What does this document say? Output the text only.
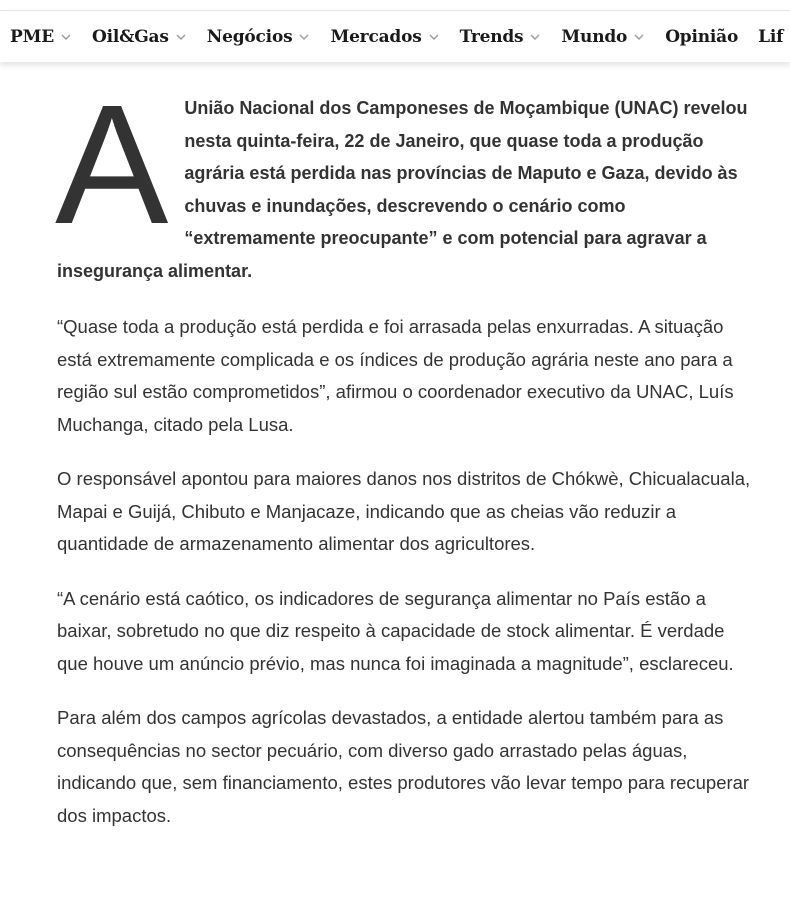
PME Oil&Gas Negócios Mercados Trends Mundo Opinião Lif

A União Nacional dos Camponeses de Moçambique (UNAC) revelou nesta quinta-feira, 22 de Janeiro, que quase toda a produção agrária está perdida nas províncias de Maputo e Gaza, devido às chuvas e inundações, descrevendo o cenário como “extremamente preocupante” e com potencial para agravar a insegurança alimentar.

“Quase toda a produção está perdida e foi arrasada pelas enxurradas. A situação está extremamente complicada e os índices de produção agrária neste ano para a região sul estão comprometidos”, afirmou o coordenador executivo da UNAC, Luís Muchanga, citado pela Lusa.

O responsável apontou para maiores danos nos distritos de Chókwè, Chicualacuala, Mapai e Guijá, Chibuto e Manjacaze, indicando que as cheias vão reduzir a quantidade de armazenamento alimentar dos agricultores.

“A cenário está caótico, os indicadores de segurança alimentar no País estão a baixar, sobretudo no que diz respeito à capacidade de stock alimentar. É verdade que houve um anúncio prévio, mas nunca foi imaginada a magnitude”, esclareceu.

Para além dos campos agrícolas devastados, a entidade alertou também para as consequências no sector pecuário, com diverso gado arrastado pelas águas, indicando que, sem financiamento, estes produtores vão levar tempo para recuperar dos impactos.
